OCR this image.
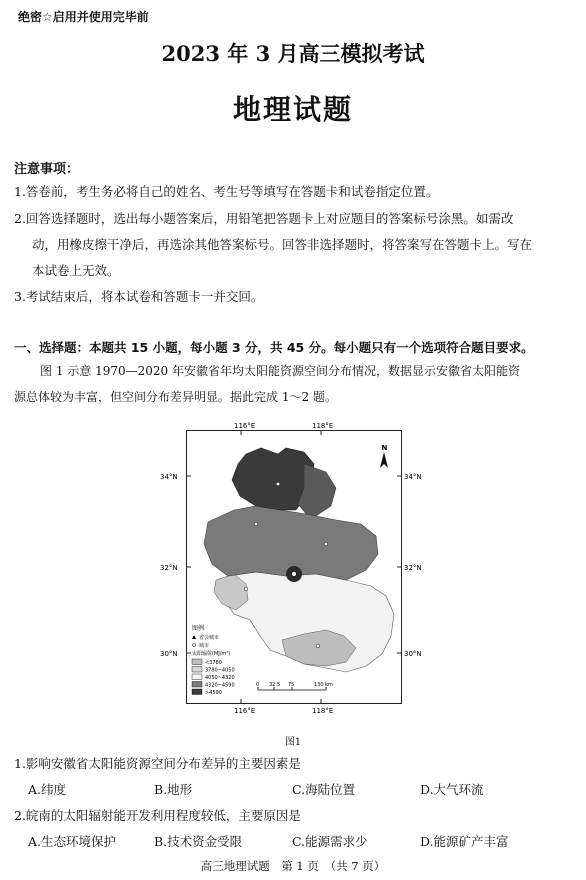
绝密☆启用并使用完毕前
2023 年 3 月高三模拟考试
地理试题
注意事项：
1.答卷前，考生务必将自己的姓名、考生号等填写在答题卡和试卷指定位置。
2.回答选择题时，选出每小题答案后，用铅笔把答题卡上对应题目的答案标号涂黑。如需改
动，用橡皮擦干净后，再选涂其他答案标号。回答非选择题时，将答案写在答题卡上。写在
本试卷上无效。
3.考试结束后，将本试卷和答题卡一并交回。
一、选择题：本题共 15 小题，每小题 3 分，共 45 分。每小题只有一个选项符合题目要求。
图 1 示意 1970—2020 年安徽省年均太阳能资源空间分布情况，数据显示安徽省太阳能资
源总体较为丰富，但空间分布差异明显。据此完成 1～2 题。
116°E	118°E
116°E	118°E
34°N	34°N
32°N	32°N
30°N	30°N
N
图例
省会城市
城市
太阳辐射(MJ/m²)
<3780
3780~4050
4050~4320
4320~4590
>4590
0 32.5 75	130 km
图1
1.影响安徽省太阳能资源空间分布差异的主要因素是
A.纬度	B.地形	C.海陆位置	D.大气环流
2.皖南的太阳辐射能开发利用程度较低，主要原因是
A.生态环境保护	B.技术资金受限	C.能源需求少	D.能源矿产丰富
高三地理试题　第 1 页　（共 7 页）
